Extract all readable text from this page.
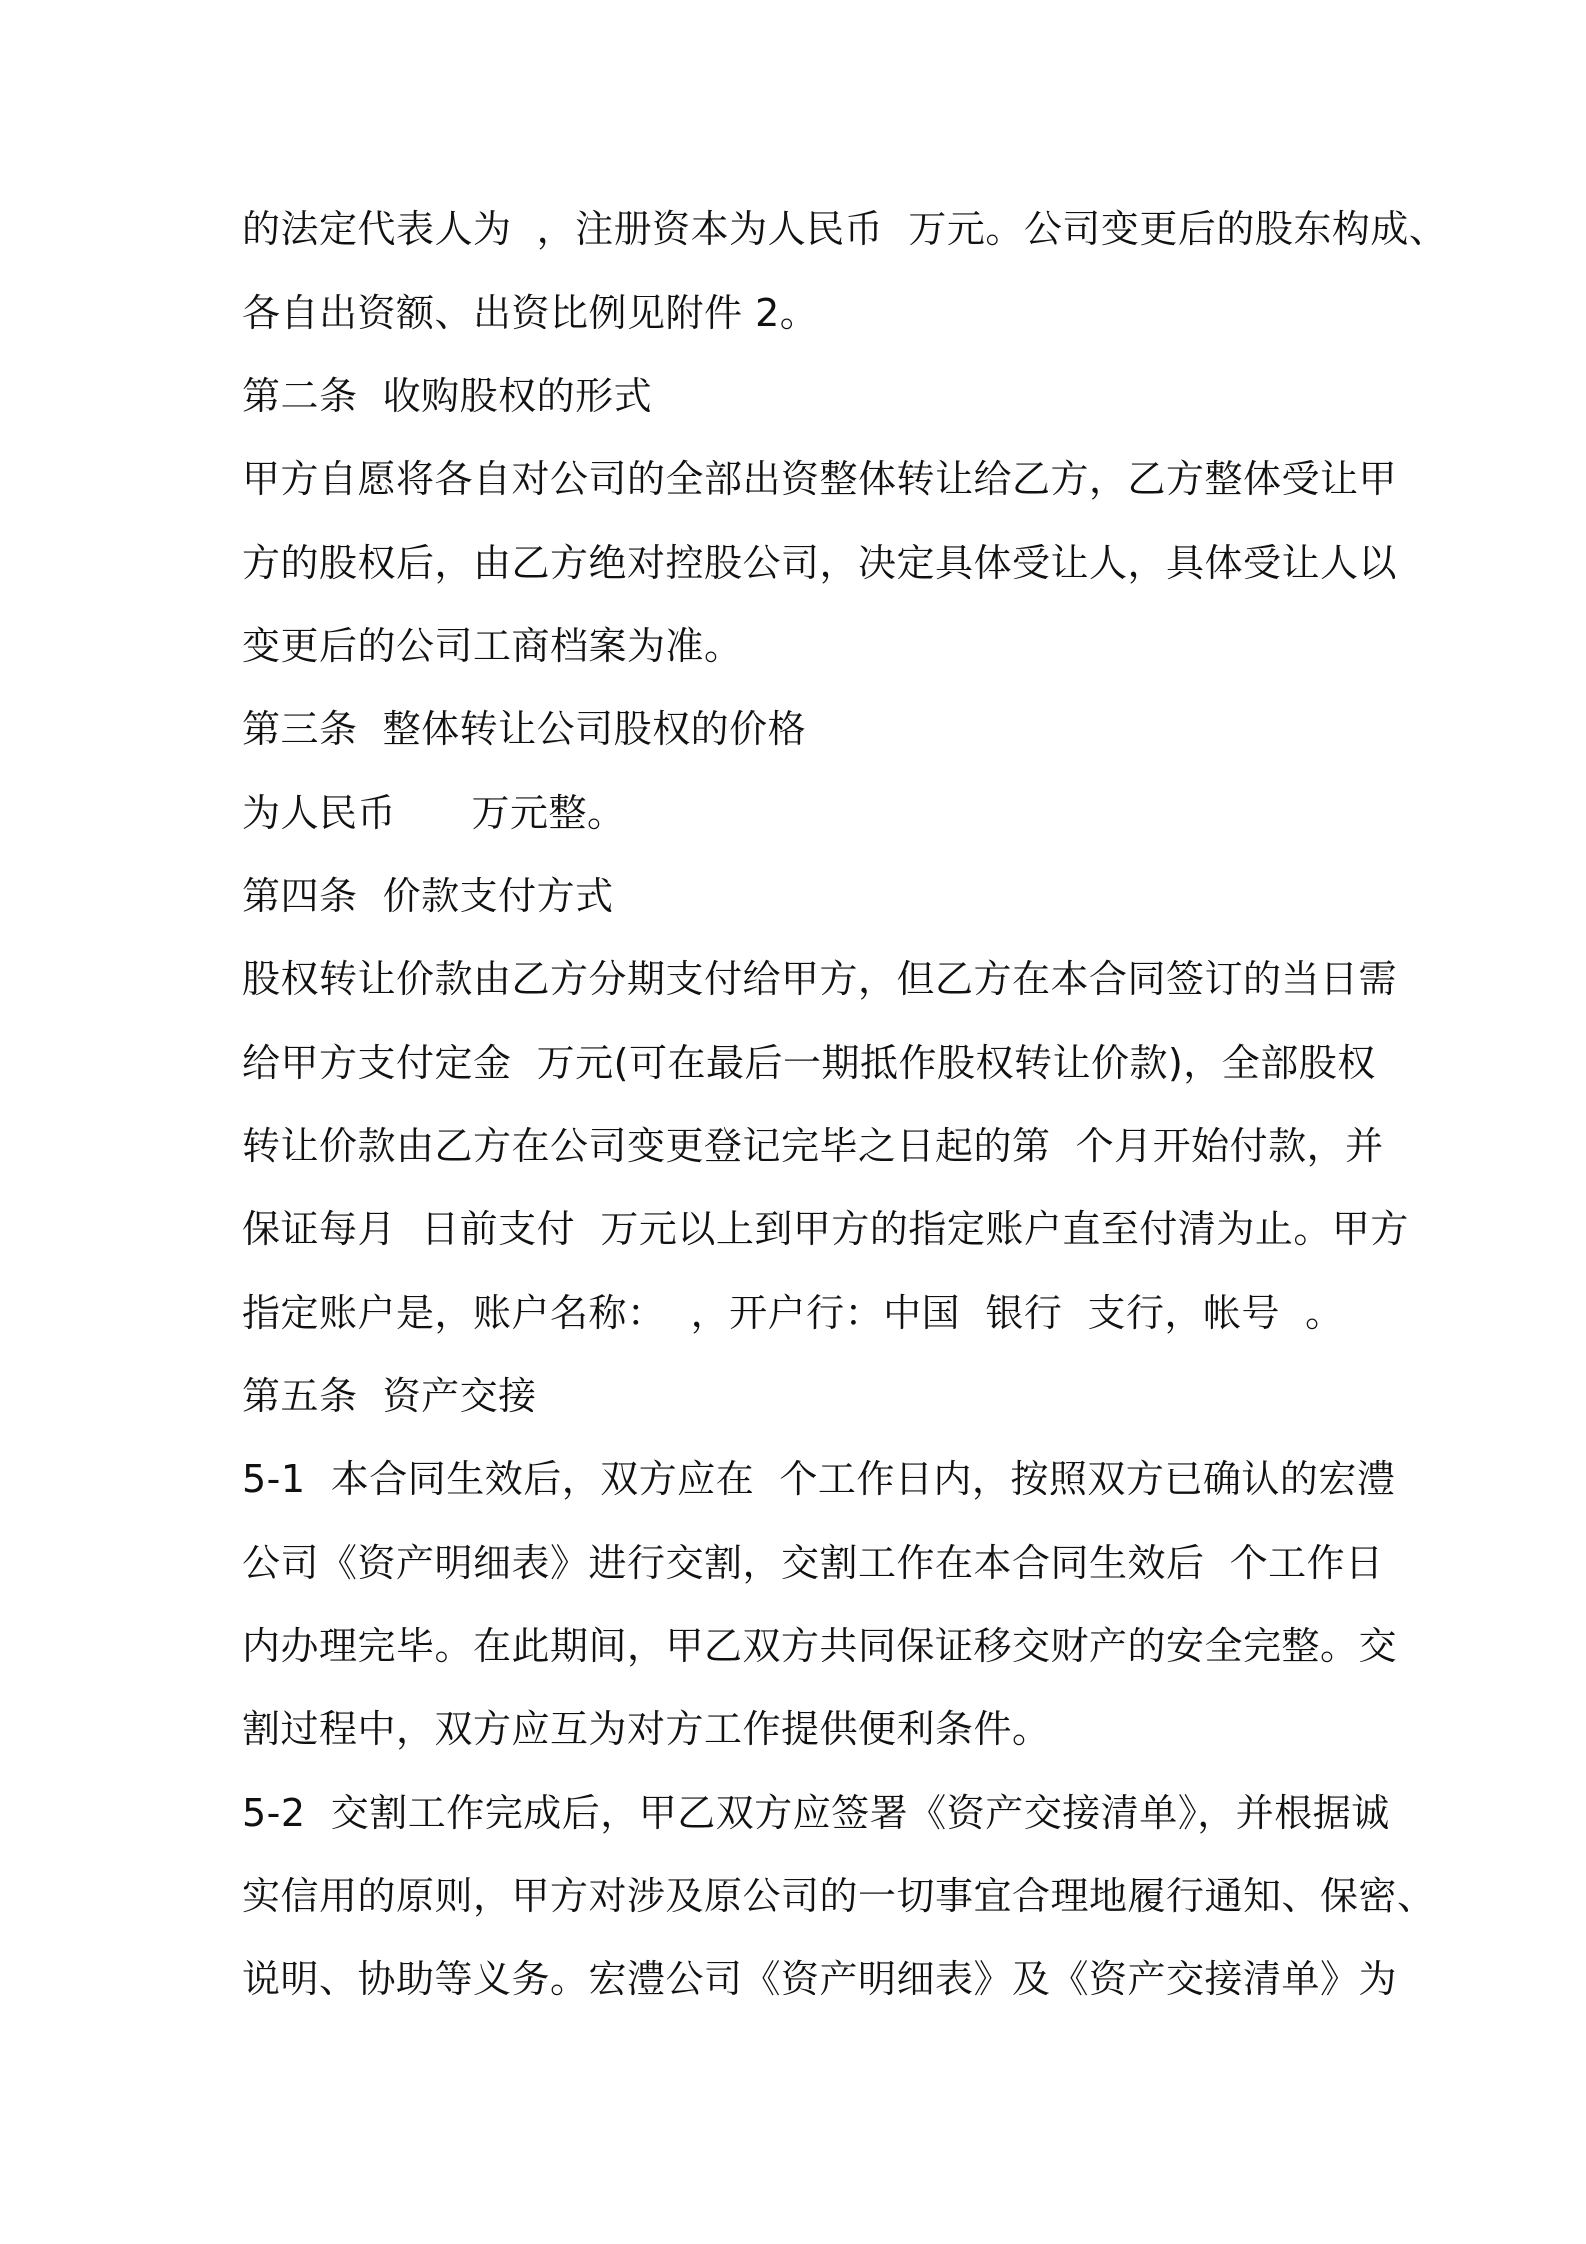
的法定代表人为  ，注册资本为人民币  万元。公司变更后的股东构成、
各自出资额、出资比例见附件 2。
第二条  收购股权的形式
甲方自愿将各自对公司的全部出资整体转让给乙方，乙方整体受让甲
方的股权后，由乙方绝对控股公司，决定具体受让人，具体受让人以
变更后的公司工商档案为准。
第三条  整体转让公司股权的价格
为人民币      万元整。
第四条  价款支付方式
股权转让价款由乙方分期支付给甲方，但乙方在本合同签订的当日需
给甲方支付定金  万元(可在最后一期抵作股权转让价款)，全部股权
转让价款由乙方在公司变更登记完毕之日起的第  个月开始付款，并
保证每月  日前支付  万元以上到甲方的指定账户直至付清为止。甲方
指定账户是，账户名称：  ，开户行：中国  银行  支行，帐号  。
第五条  资产交接
5-1  本合同生效后，双方应在  个工作日内，按照双方已确认的宏澧
公司《资产明细表》进行交割，交割工作在本合同生效后  个工作日
内办理完毕。在此期间，甲乙双方共同保证移交财产的安全完整。交
割过程中，双方应互为对方工作提供便利条件。
5-2  交割工作完成后，甲乙双方应签署《资产交接清单》，并根据诚
实信用的原则，甲方对涉及原公司的一切事宜合理地履行通知、保密、
说明、协助等义务。宏澧公司《资产明细表》及《资产交接清单》为
